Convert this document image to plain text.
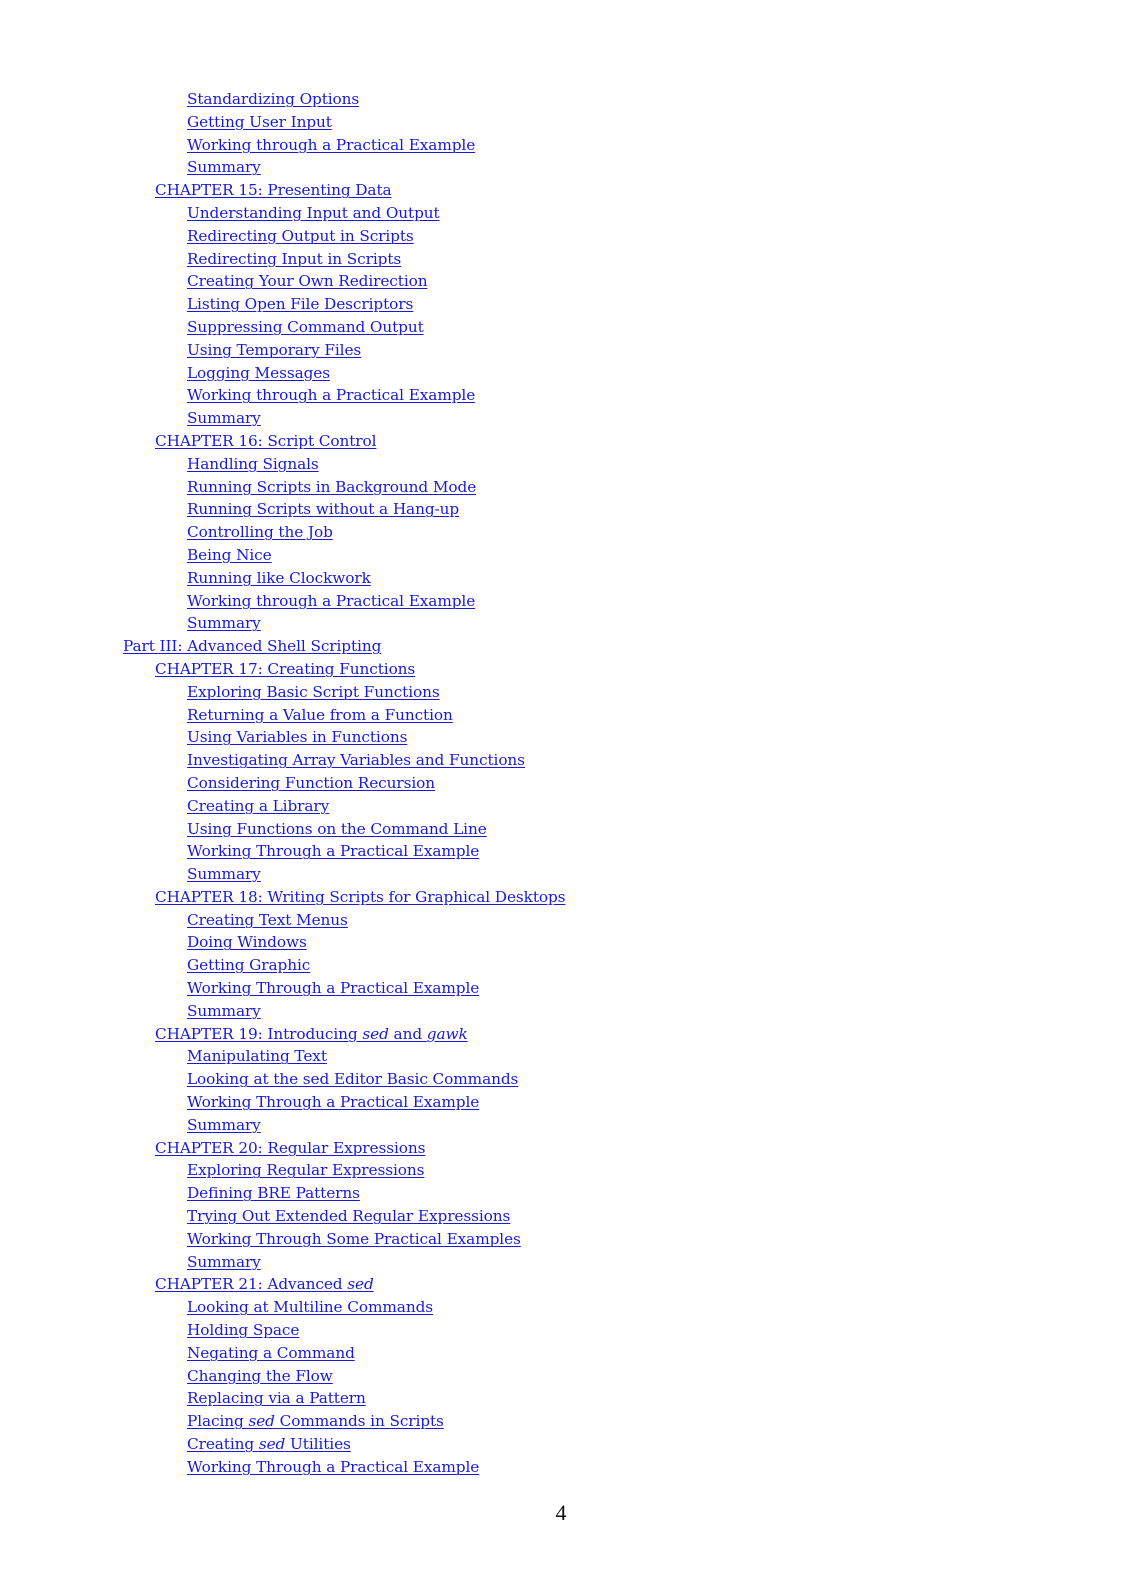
Standardizing Options
Getting User Input
Working through a Practical Example
Summary
CHAPTER 15: Presenting Data
Understanding Input and Output
Redirecting Output in Scripts
Redirecting Input in Scripts
Creating Your Own Redirection
Listing Open File Descriptors
Suppressing Command Output
Using Temporary Files
Logging Messages
Working through a Practical Example
Summary
CHAPTER 16: Script Control
Handling Signals
Running Scripts in Background Mode
Running Scripts without a Hang-up
Controlling the Job
Being Nice
Running like Clockwork
Working through a Practical Example
Summary
Part III: Advanced Shell Scripting
CHAPTER 17: Creating Functions
Exploring Basic Script Functions
Returning a Value from a Function
Using Variables in Functions
Investigating Array Variables and Functions
Considering Function Recursion
Creating a Library
Using Functions on the Command Line
Working Through a Practical Example
Summary
CHAPTER 18: Writing Scripts for Graphical Desktops
Creating Text Menus
Doing Windows
Getting Graphic
Working Through a Practical Example
Summary
CHAPTER 19: Introducing sed and gawk
Manipulating Text
Looking at the sed Editor Basic Commands
Working Through a Practical Example
Summary
CHAPTER 20: Regular Expressions
Exploring Regular Expressions
Defining BRE Patterns
Trying Out Extended Regular Expressions
Working Through Some Practical Examples
Summary
CHAPTER 21: Advanced sed
Looking at Multiline Commands
Holding Space
Negating a Command
Changing the Flow
Replacing via a Pattern
Placing sed Commands in Scripts
Creating sed Utilities
Working Through a Practical Example
4
